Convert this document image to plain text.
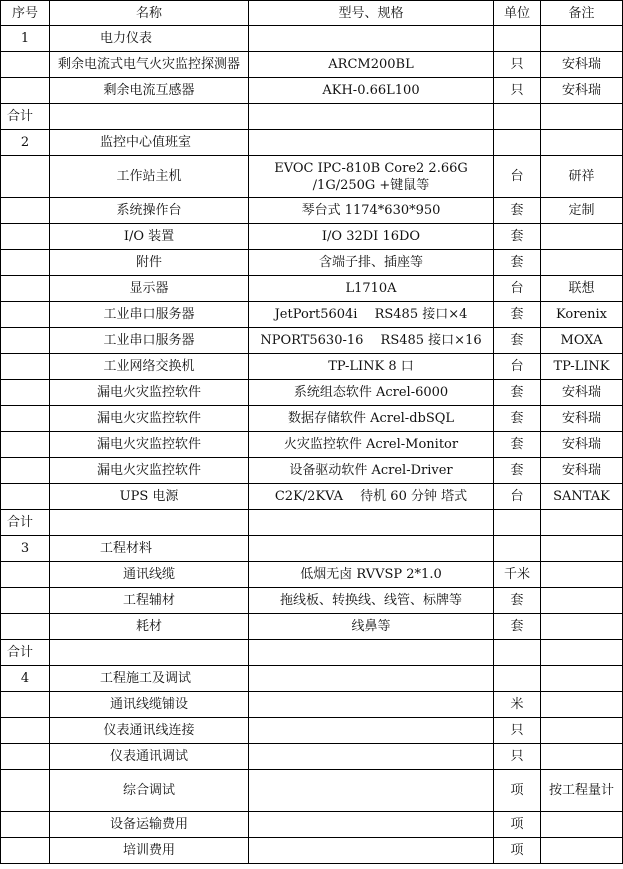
序号	名称	型号、规格	单位	备注
1	电力仪表			
	剩余电流式电气火灾监控探测器	ARCM200BL	只	安科瑞
	剩余电流互感器	AKH-0.66L100	只	安科瑞
合计				
2	监控中心值班室			
	工作站主机	EVOC IPC-810B Core2 2.66G /1G/250G +键鼠等	台	研祥
	系统操作台	琴台式 1174*630*950	套	定制
	I/O 装置	I/O 32DI 16DO	套	
	附件	含端子排、插座等	套	
	显示器	L1710A	台	联想
	工业串口服务器	JetPort5604i　 RS485 接口×4	套	Korenix
	工业串口服务器	NPORT5630-16　 RS485 接口×16	套	MOXA
	工业网络交换机	TP-LINK 8 口	台	TP-LINK
	漏电火灾监控软件	系统组态软件 Acrel-6000	套	安科瑞
	漏电火灾监控软件	数据存储软件 Acrel-dbSQL	套	安科瑞
	漏电火灾监控软件	火灾监控软件 Acrel-Monitor	套	安科瑞
	漏电火灾监控软件	设备驱动软件 Acrel-Driver	套	安科瑞
	UPS 电源	C2K/2KVA　 待机 60 分钟 塔式	台	SANTAK
合计				
3	工程材料			
	通讯线缆	低烟无卤 RVVSP 2*1.0	千米	
	工程辅材	拖线板、转换线、线管、标牌等	套	
	耗材	线鼻等	套	
合计				
4	工程施工及调试			
	通讯线缆铺设		米	
	仪表通讯线连接		只	
	仪表通讯调试		只	
	综合调试		项	按工程量计
	设备运输费用		项	
	培训费用		项	
